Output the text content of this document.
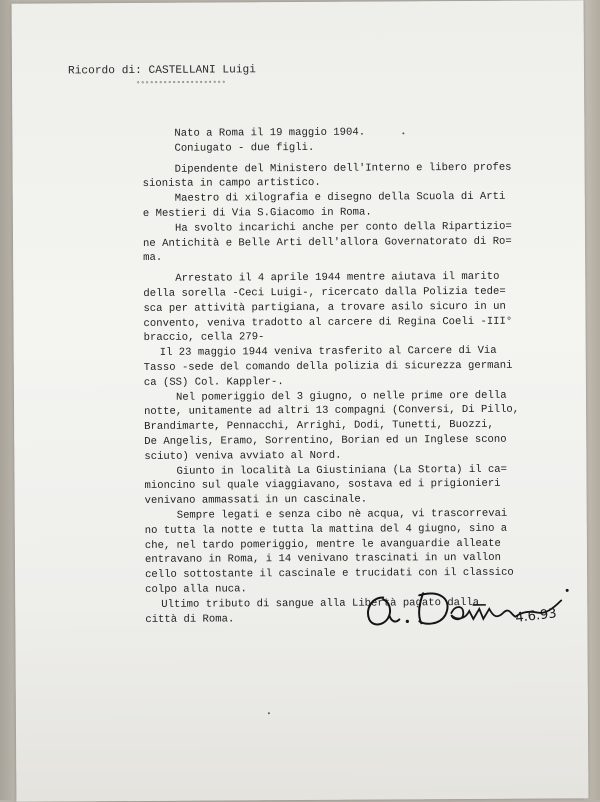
Ricordo di: CASTELLANI Luigi
°°°°°°°°°°°°°°°°°°°°
Nato a Roma il 19 maggio 1904.
Coniugato - due figli.
Dipendente del Ministero dell'Interno e libero profes
sionista in campo artistico.
Maestro di xilografia e disegno della Scuola di Arti
e Mestieri di Via S.Giacomo in Roma.
Ha svolto incarichi anche per conto della Ripartizio=
ne Antichità e Belle Arti dell'allora Governatorato di Ro=
ma.
Arrestato il 4 aprile 1944 mentre aiutava il marito
della sorella -Ceci Luigi-, ricercato dalla Polizia tede=
sca per attività partigiana, a trovare asilo sicuro in un
convento, veniva tradotto al carcere di Regina Coeli -III°
braccio, cella 279-
Il 23 maggio 1944 veniva trasferito al Carcere di Via
Tasso -sede del comando della polizia di sicurezza germani
ca (SS) Col. Kappler-.
Nel pomeriggio del 3 giugno, o nelle prime ore della
notte, unitamente ad altri 13 compagni (Conversi, Di Pillo,
Brandimarte, Pennacchi, Arrighi, Dodi, Tunetti, Buozzi,
De Angelis, Eramo, Sorrentino, Borian ed un Inglese scono
sciuto) veniva avviato al Nord.
Giunto in località La Giustiniana (La Storta) il ca=
mioncino sul quale viaggiavano, sostava ed i prigionieri
venivano ammassati in un cascinale.
Sempre legati e senza cibo nè acqua, vi trascorrevai
no tutta la notte e tutta la mattina del 4 giugno, sino a
che, nel tardo pomeriggio, mentre le avanguardie alleate
entravano in Roma, i 14 venivano trascinati in un vallon
cello sottostante il cascinale e trucidati con il classico
colpo alla nuca.
Ultimo tributo di sangue alla Libertà pagato dalla
città di Roma.	4.6.93
